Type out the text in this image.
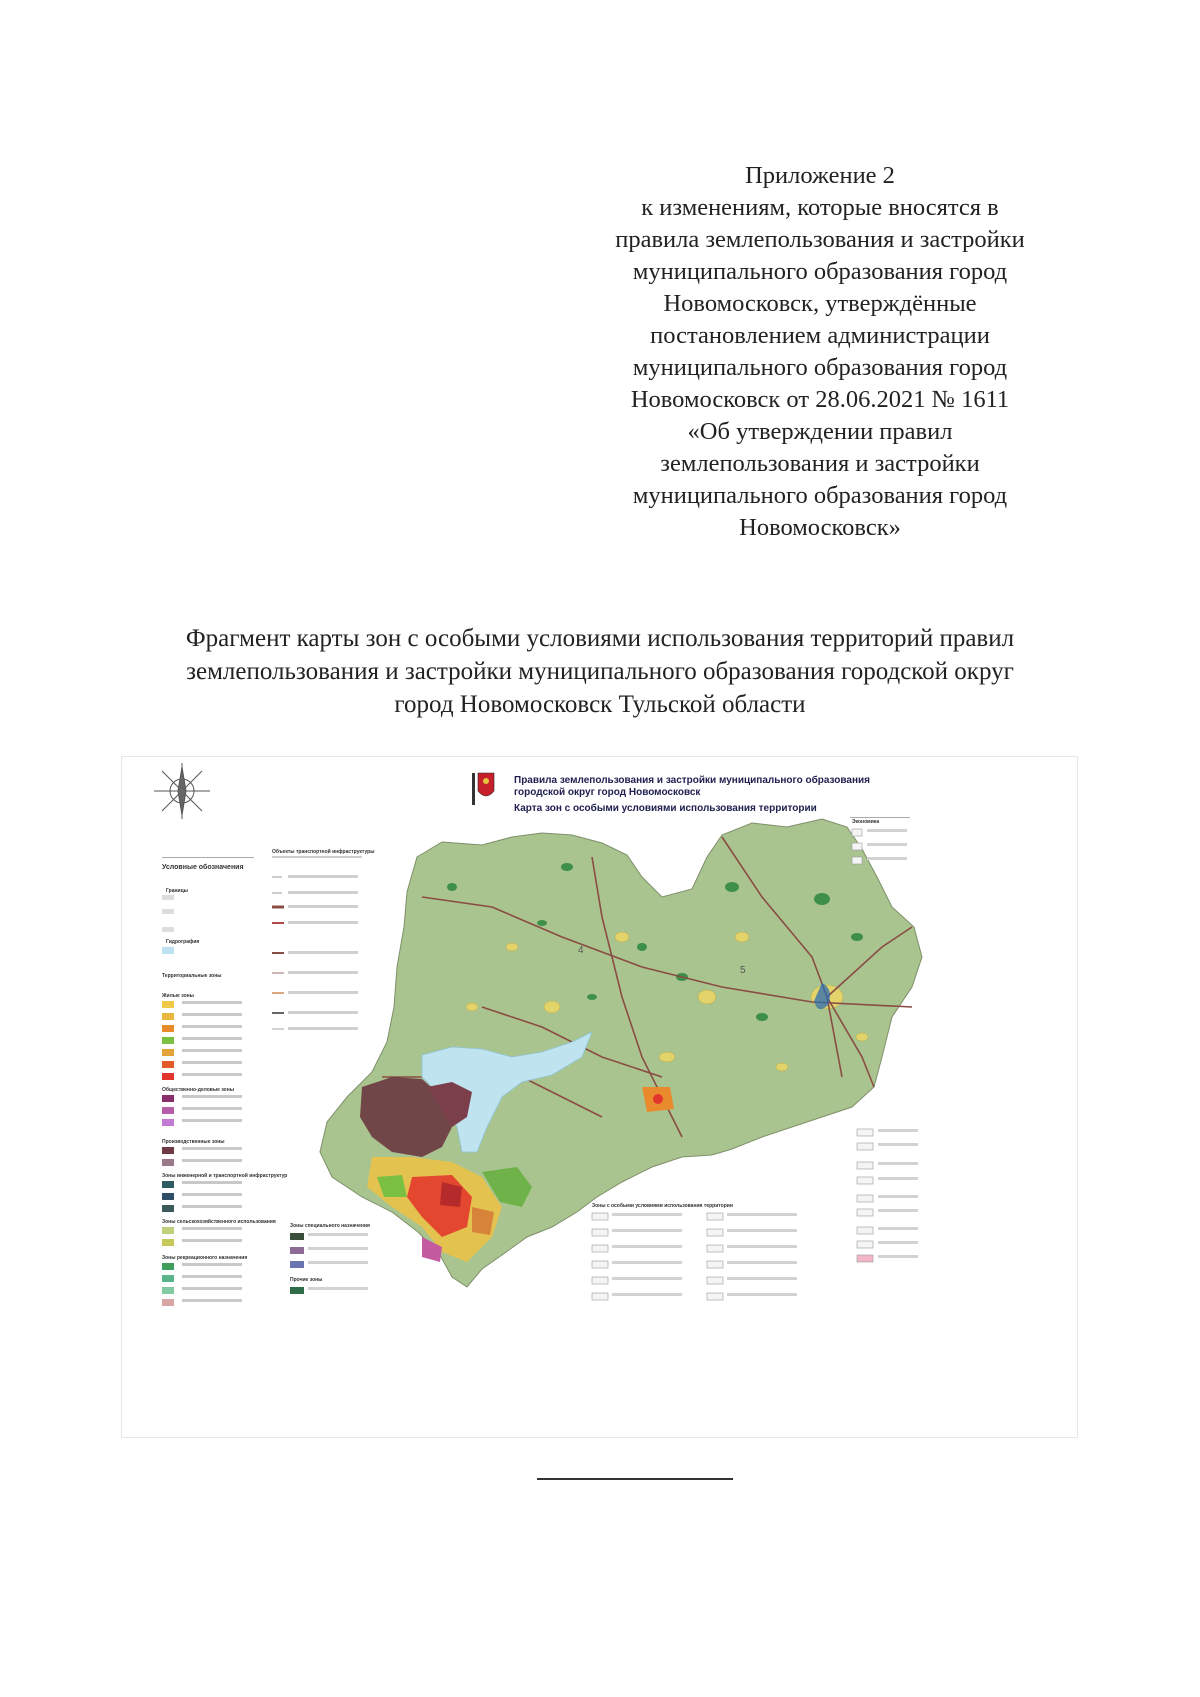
Приложение 2
к изменениям, которые вносятся в
правила землепользования и застройки
муниципального образования город
Новомосковск, утверждённые
постановлением администрации
муниципального образования город
Новомосковск от 28.06.2021 № 1611
«Об утверждении правил
землепользования и застройки
муниципального образования город
Новомосковск»
Фрагмент карты зон с особыми условиями использования территорий правил
землепользования и застройки муниципального образования городской округ
город Новомосковск Тульской области
Условные обозначения
Границы
Гидрография
Территориальные зоны
Жилые зоны
Общественно-деловые зоны
Производственные зоны
Зоны инженерной и транспортной инфраструктур
Зоны сельскохозяйственного использования
Зоны рекреационного назначения
Зоны специального назначения
Прочие зоны
Объекты транспортной инфраструктуры
Экономика
Зоны с особыми условиями использования территории
4
5
Правила землепользования и застройки муниципального образования
городской округ город Новомосковск
Карта зон с особыми условиями использования территории
